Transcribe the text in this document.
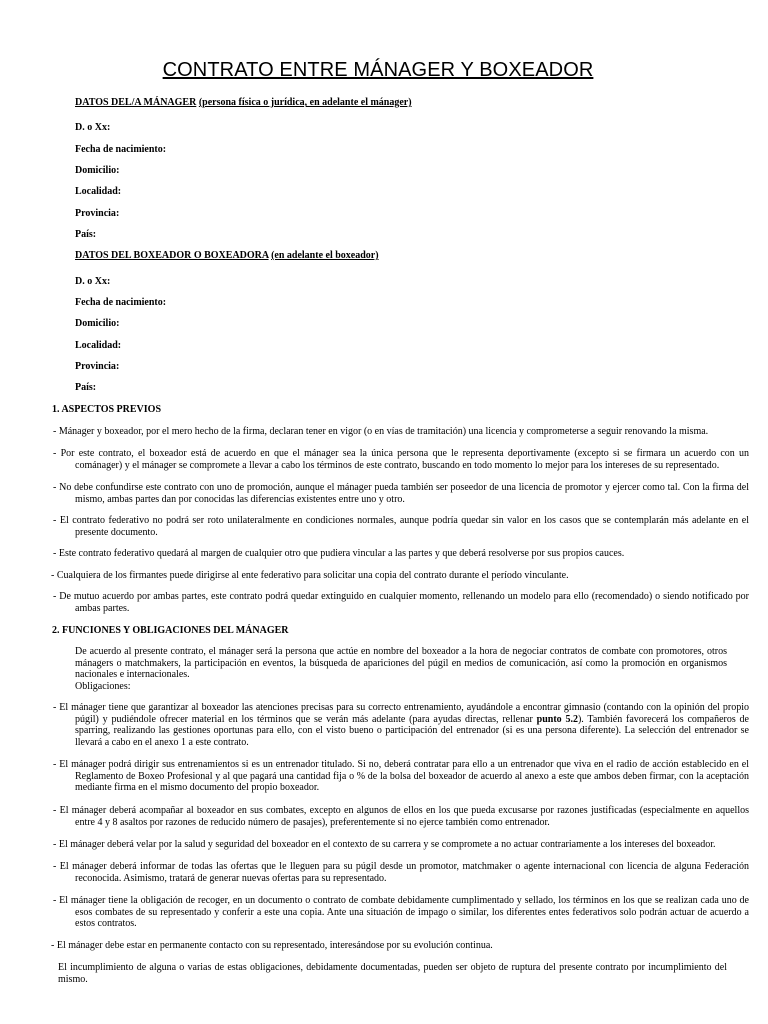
CONTRATO ENTRE MÁNAGER Y BOXEADOR
DATOS DEL/A MÁNAGER (persona física o jurídica, en adelante el mánager)
D. o Xx:
Fecha de nacimiento:
Domicilio:
Localidad:
Provincia:
País:
DATOS DEL BOXEADOR O BOXEADORA (en adelante el boxeador)
D. o Xx:
Fecha de nacimiento:
Domicilio:
Localidad:
Provincia:
País:
1. ASPECTOS PREVIOS
- Mánager y boxeador, por el mero hecho de la firma, declaran tener en vigor (o en vías de tramitación) una licencia y comprometerse a seguir renovando la misma.
- Por este contrato, el boxeador está de acuerdo en que el mánager sea la única persona que le representa deportivamente (excepto si se firmara un acuerdo con un cománager) y el mánager se compromete a llevar a cabo los términos de este contrato, buscando en todo momento lo mejor para los intereses de su representado.
- No debe confundirse este contrato con uno de promoción, aunque el mánager pueda también ser poseedor de una licencia de promotor y ejercer como tal. Con la firma del mismo, ambas partes dan por conocidas las diferencias existentes entre uno y otro.
- El contrato federativo no podrá ser roto unilateralmente en condiciones normales, aunque podría quedar sin valor en los casos que se contemplarán más adelante en el presente documento.
- Este contrato federativo quedará al margen de cualquier otro que pudiera vincular a las partes y que deberá resolverse por sus propios cauces.
- Cualquiera de los firmantes puede dirigirse al ente federativo para solicitar una copia del contrato durante el período vinculante.
- De mutuo acuerdo por ambas partes, este contrato podrá quedar extinguido en cualquier momento, rellenando un modelo para ello (recomendado) o siendo notificado por ambas partes.
2. FUNCIONES Y OBLIGACIONES DEL MÁNAGER
De acuerdo al presente contrato, el mánager será la persona que actúe en nombre del boxeador a la hora de negociar contratos de combate con promotores, otros mánagers o matchmakers, la participación en eventos, la búsqueda de apariciones del púgil en medios de comunicación, así como la promoción en organismos nacionales e internacionales.
Obligaciones:
- El mánager tiene que garantizar al boxeador las atenciones precisas para su correcto entrenamiento, ayudándole a encontrar gimnasio (contando con la opinión del propio púgil) y pudiéndole ofrecer material en los términos que se verán más adelante (para ayudas directas, rellenar punto 5.2). También favorecerá los compañeros de sparring, realizando las gestiones oportunas para ello, con el visto bueno o participación del entrenador (si es una persona diferente). La selección del entrenador se llevará a cabo en el anexo 1 a este contrato.
- El mánager podrá dirigir sus entrenamientos si es un entrenador titulado. Si no, deberá contratar para ello a un entrenador que viva en el radio de acción establecido en el Reglamento de Boxeo Profesional y al que pagará una cantidad fija o % de la bolsa del boxeador de acuerdo al anexo a este que ambos deben firmar, con la aceptación mediante firma en el mismo documento del propio boxeador.
- El mánager deberá acompañar al boxeador en sus combates, excepto en algunos de ellos en los que pueda excusarse por razones justificadas (especialmente en aquellos entre 4 y 8 asaltos por razones de reducido número de pasajes), preferentemente si no ejerce también como entrenador.
- El mánager deberá velar por la salud y seguridad del boxeador en el contexto de su carrera y se compromete a no actuar contrariamente a los intereses del boxeador.
- El mánager deberá informar de todas las ofertas que le lleguen para su púgil desde un promotor, matchmaker o agente internacional con licencia de alguna Federación reconocida. Asimismo, tratará de generar nuevas ofertas para su representado.
- El mánager tiene la obligación de recoger, en un documento o contrato de combate debidamente cumplimentado y sellado, los términos en los que se realizan cada uno de esos combates de su representado y conferir a este una copia. Ante una situación de impago o similar, los diferentes entes federativos solo podrán actuar de acuerdo a estos contratos.
- El mánager debe estar en permanente contacto con su representado, interesándose por su evolución continua.
El incumplimiento de alguna o varias de estas obligaciones, debidamente documentadas, pueden ser objeto de ruptura del presente contrato por incumplimiento del mismo.
